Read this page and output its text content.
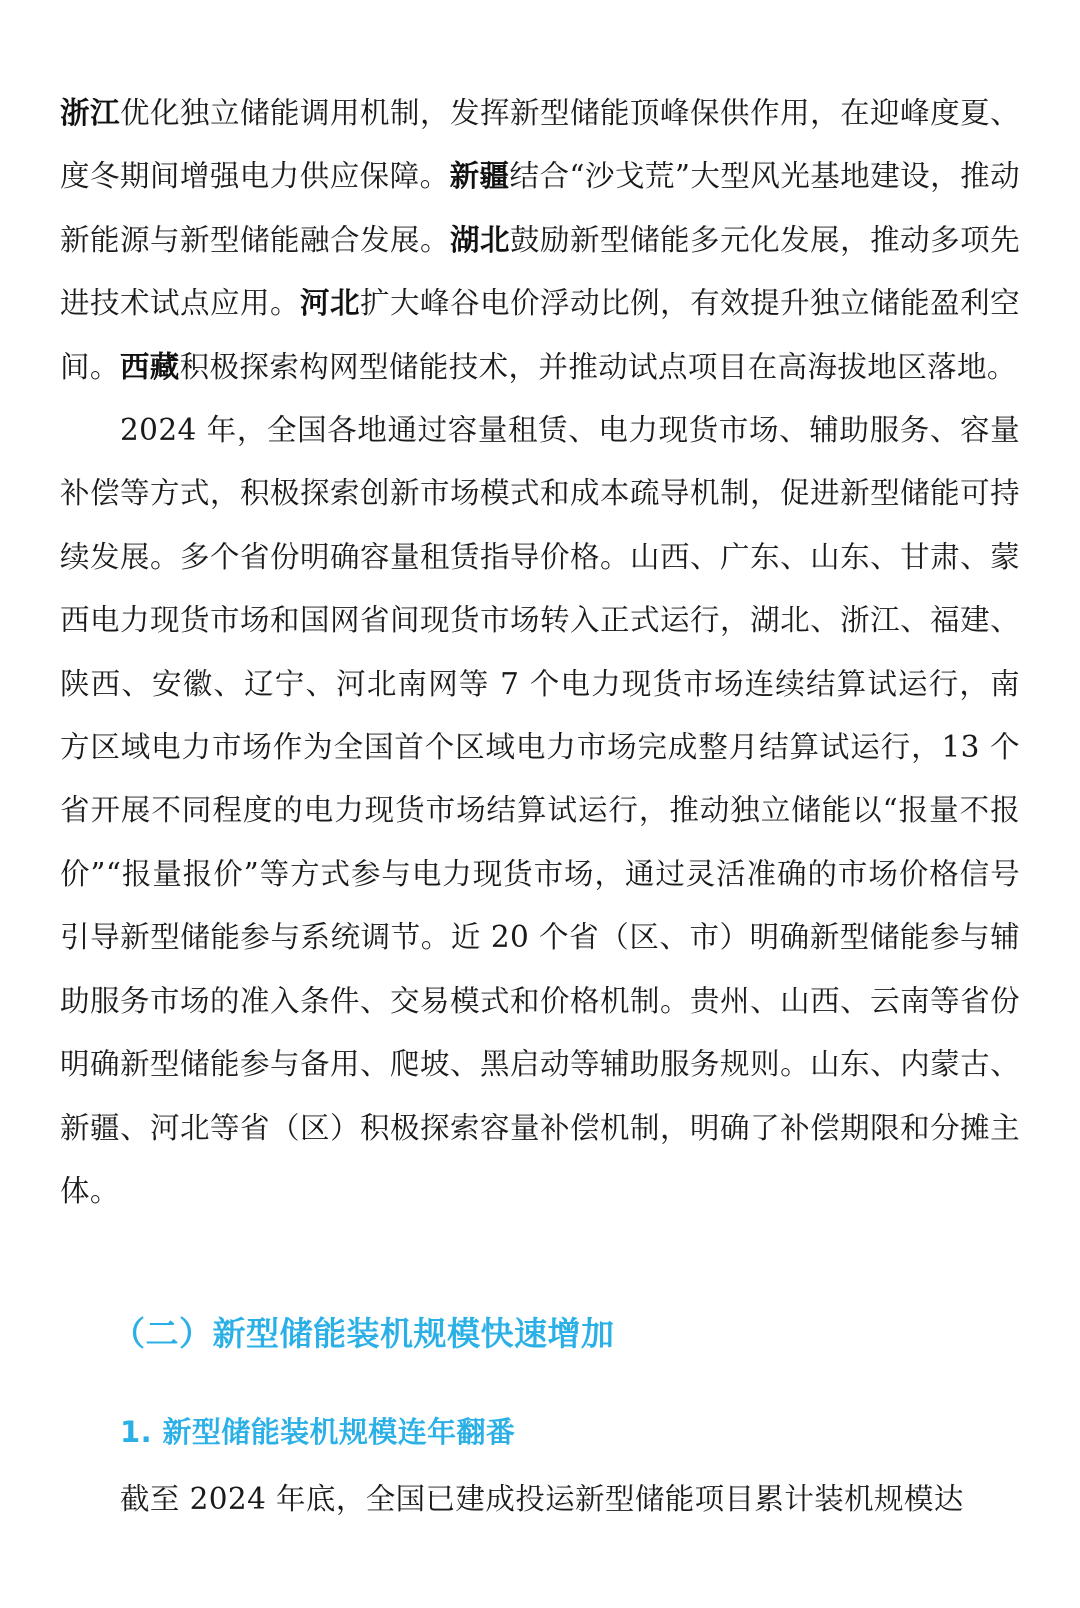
浙江优化独立储能调用机制，发挥新型储能顶峰保供作用，在迎峰度夏、度冬期间增强电力供应保障。新疆结合“沙戈荒”大型风光基地建设，推动新能源与新型储能融合发展。湖北鼓励新型储能多元化发展，推动多项先进技术试点应用。河北扩大峰谷电价浮动比例，有效提升独立储能盈利空间。西藏积极探索构网型储能技术，并推动试点项目在高海拔地区落地。

2024 年，全国各地通过容量租赁、电力现货市场、辅助服务、容量补偿等方式，积极探索创新市场模式和成本疏导机制，促进新型储能可持续发展。多个省份明确容量租赁指导价格。山西、广东、山东、甘肃、蒙西电力现货市场和国网省间现货市场转入正式运行，湖北、浙江、福建、陕西、安徽、辽宁、河北南网等 7 个电力现货市场连续结算试运行，南方区域电力市场作为全国首个区域电力市场完成整月结算试运行，13 个省开展不同程度的电力现货市场结算试运行，推动独立储能以“报量不报价”“报量报价”等方式参与电力现货市场，通过灵活准确的市场价格信号引导新型储能参与系统调节。近 20 个省（区、市）明确新型储能参与辅助服务市场的准入条件、交易模式和价格机制。贵州、山西、云南等省份明确新型储能参与备用、爬坡、黑启动等辅助服务规则。山东、内蒙古、新疆、河北等省（区）积极探索容量补偿机制，明确了补偿期限和分摊主体。

（二）新型储能装机规模快速增加
1. 新型储能装机规模连年翻番

截至 2024 年底，全国已建成投运新型储能项目累计装机规模达
